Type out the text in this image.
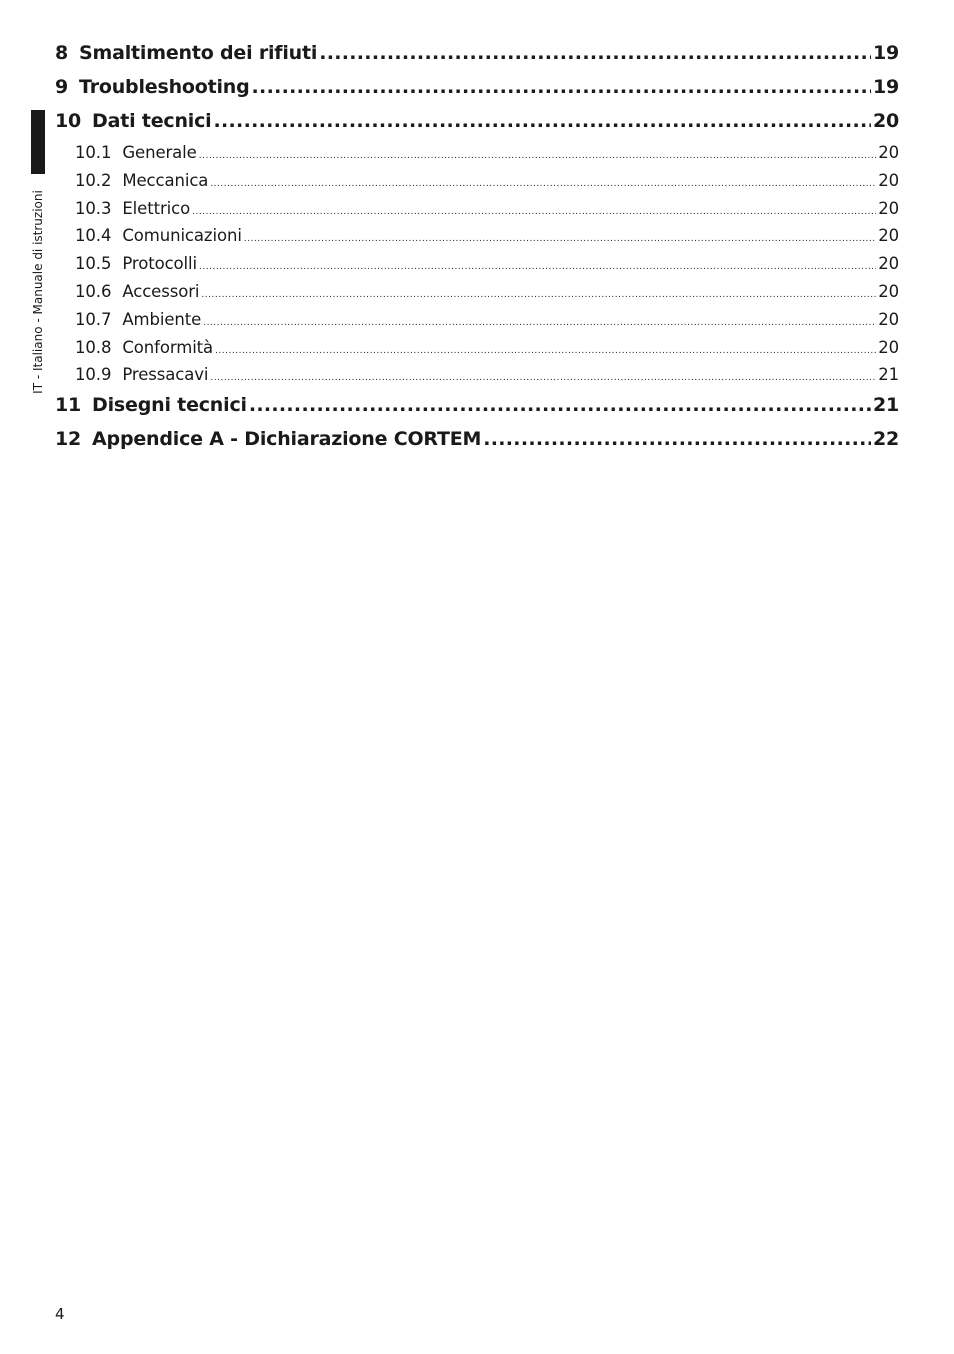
IT - Italiano - Manuale di istruzioni
8 Smaltimento dei rifiuti .....	19
9 Troubleshooting .....	19
10 Dati tecnici .....	20
10.1 Generale .....	20
10.2 Meccanica .....	20
10.3 Elettrico .....	20
10.4 Comunicazioni .....	20
10.5 Protocolli .....	20
10.6 Accessori .....	20
10.7 Ambiente .....	20
10.8 Conformità .....	20
10.9 Pressacavi .....	21
11 Disegni tecnici .....	21
12 Appendice A - Dichiarazione CORTEM .....	22
4
